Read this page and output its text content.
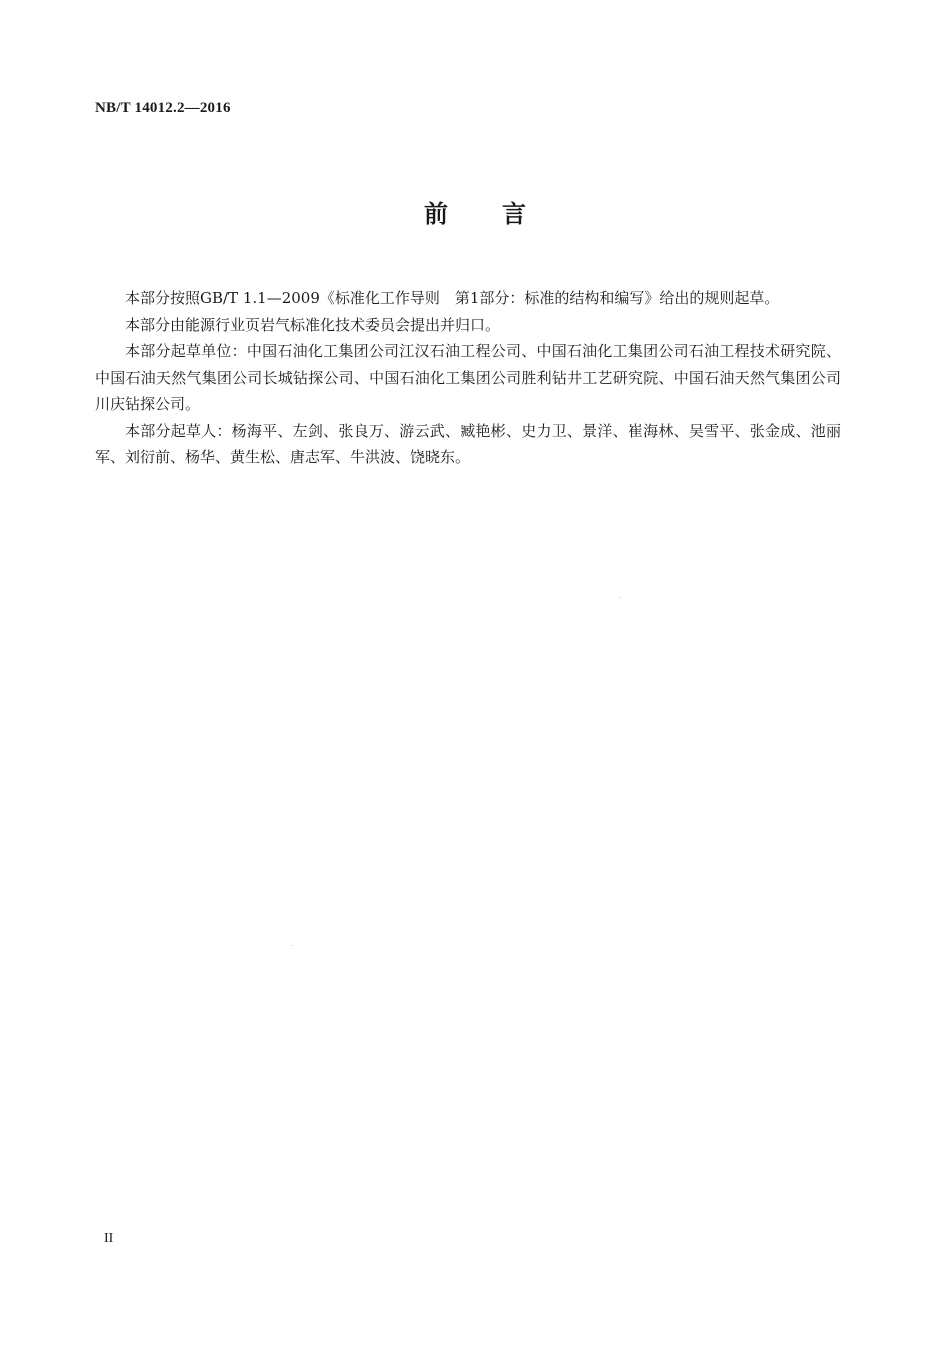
NB/T 14012.2—2016
前 言

本部分按照GB/T 1.1—2009《标准化工作导则　第1部分：标准的结构和编写》给出的规则起草。

本部分由能源行业页岩气标准化技术委员会提出并归口。

本部分起草单位：中国石油化工集团公司江汉石油工程公司、中国石油化工集团公司石油工程技术研究院、中国石油天然气集团公司长城钻探公司、中国石油化工集团公司胜利钻井工艺研究院、中国石油天然气集团公司川庆钻探公司。

本部分起草人：杨海平、左剑、张良万、游云武、臧艳彬、史力卫、景洋、崔海林、吴雪平、张金成、池丽军、刘衍前、杨华、黄生松、唐志军、牛洪波、饶晓东。

II
